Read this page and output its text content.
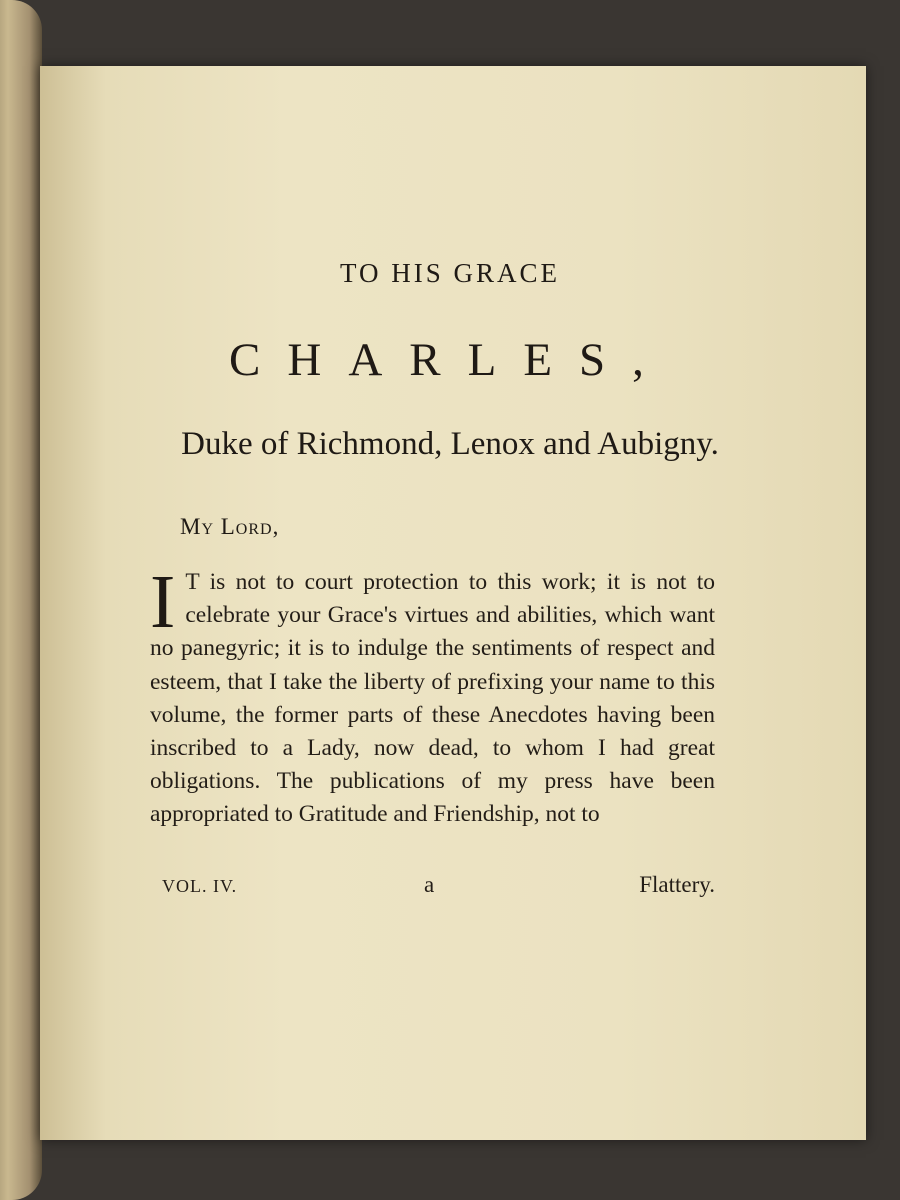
TO HIS GRACE
CHARLES,
Duke of Richmond, Lenox and Aubigny.
My Lord,
I T is not to court protection to this work; it is not to celebrate your Grace's virtues and abilities, which want no panegyric; it is to indulge the sentiments of respect and esteem, that I take the liberty of prefixing your name to this volume, the former parts of these Anecdotes having been inscribed to a Lady, now dead, to whom I had great obligations. The publications of my press have been appropriated to Gratitude and Friendship, not to
VOL. IV.	a	Flattery.
